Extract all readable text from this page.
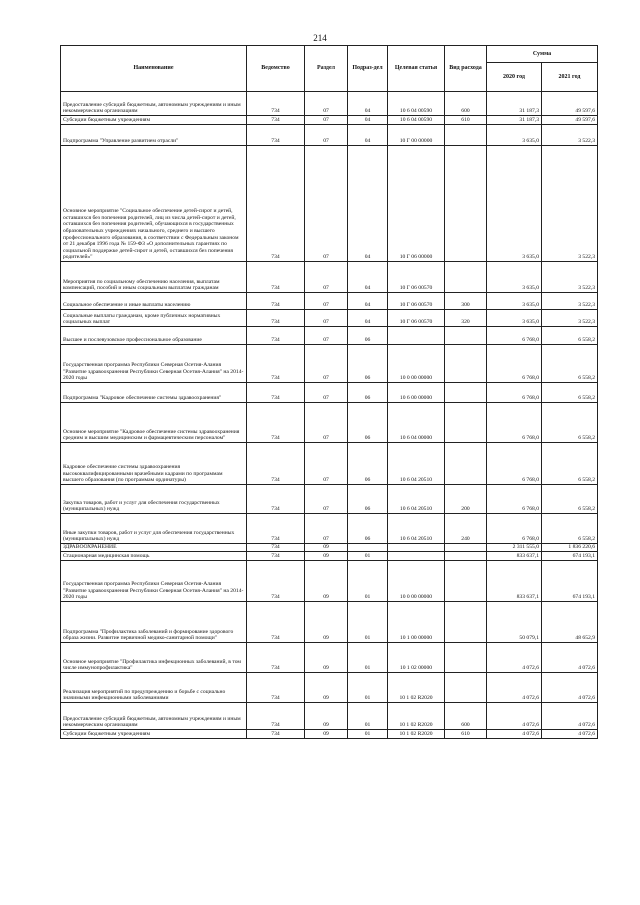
214
Наименование	Ведомство	Раздел	Подраз-дел	Целевая статья	Вид расхода	Сумма	
						2020 год	2021 год
Предоставление субсидий бюджетным, автономным учреждениям и иным некоммерческим организациям	734	07	04	10 6 04 00590	600	31 187,3	49 597,6
Субсидии бюджетным учреждениям	734	07	04	10 6 04 00590	610	31 187,3	49 597,6
Подпрограмма "Управление развитием отрасли"	734	07	04	10 Г 00 00000		3 635,0	3 522,3
Основное мероприятие "Социальное обеспечение детей-сирот и детей, оставшихся без попечения родителей, лиц из числа детей-сирот и детей, оставшихся без попечения родителей, обучающихся в государственных образовательных учреждениях начального, среднего и высшего профессионального образования, в соответствии с Федеральным законом от 21 декабря 1996 года № 159-ФЗ «О дополнительных гарантиях по социальной поддержке детей-сирот и детей, оставшихся без попечения родителей»"	734	07	04	10 Г 06 00000		3 635,0	3 522,3
Мероприятия по социальному обеспечению населения, выплатам компенсаций, пособий и иным социальным выплатам гражданам	734	07	04	10 Г 06 00570		3 635,0	3 522,3
Социальное обеспечение и иные выплаты населению	734	07	04	10 Г 06 00570	300	3 635,0	3 522,3
Социальные выплаты гражданам, кроме публичных нормативных социальных выплат	734	07	04	10 Г 06 00570	320	3 635,0	3 522,3
Высшее и послевузовское профессиональное образование	734	07	06			6 768,0	6 558,2
Государственная программа Республики Северная Осетия-Алания "Развитие здравоохранения Республики Северная Осетия-Алания" на 2014-2020 годы	734	07	06	10 0 00 00000		6 768,0	6 558,2
Подпрограмма "Кадровое обеспечение системы здравоохранения"	734	07	06	10 6 00 00000		6 768,0	6 558,2
Основное мероприятие "Кадровое обеспечение системы здравоохранения средним и высшим медицинским и фармацевтическим персоналом"	734	07	06	10 6 04 00000		6 768,0	6 558,2
Кадровое обеспечение системы здравоохранения высококвалифицированными врачебными кадрами по программам высшего образования (по программам ординатуры)	734	07	06	10 6 04 20510		6 768,0	6 558,2
Закупка товаров, работ и услуг для обеспечения государственных (муниципальных) нужд	734	07	06	10 6 04 20510	200	6 768,0	6 558,2
Иные закупки товаров, работ и услуг для обеспечения государственных (муниципальных) нужд	734	07	06	10 6 04 20510	240	6 768,0	6 558,2
ЗДРАВООХРАНЕНИЕ	734	09				2 311 555,0	1 836 220,6
Стационарная медицинская помощь	734	09	01			833 637,1	674 193,1
Государственная программа Республики Северная Осетия-Алания "Развитие здравоохранения Республики Северная Осетия-Алания" на 2014-2020 годы	734	09	01	10 0 00 00000		833 637,1	674 193,1
Подпрограмма "Профилактика заболеваний и формирование здорового образа жизни. Развитие первичной медико-санитарной помощи"	734	09	01	10 1 00 00000		50 079,1	48 652,9
Основное мероприятие "Профилактика инфекционных заболеваний, в том числе иммунопрофилактика"	734	09	01	10 1 02 00000		4 072,6	4 072,6
Реализация мероприятий по предупреждению и борьбе с социально значимыми инфекционными заболеваниями	734	09	01	10 1 02 R2020		4 072,6	4 072,6
Предоставление субсидий бюджетным, автономным учреждениям и иным некоммерческим организациям	734	09	01	10 1 02 R2020	600	4 072,6	4 072,6
Субсидии бюджетным учреждениям	734	09	01	10 1 02 R2020	610	4 072,6	4 072,6
